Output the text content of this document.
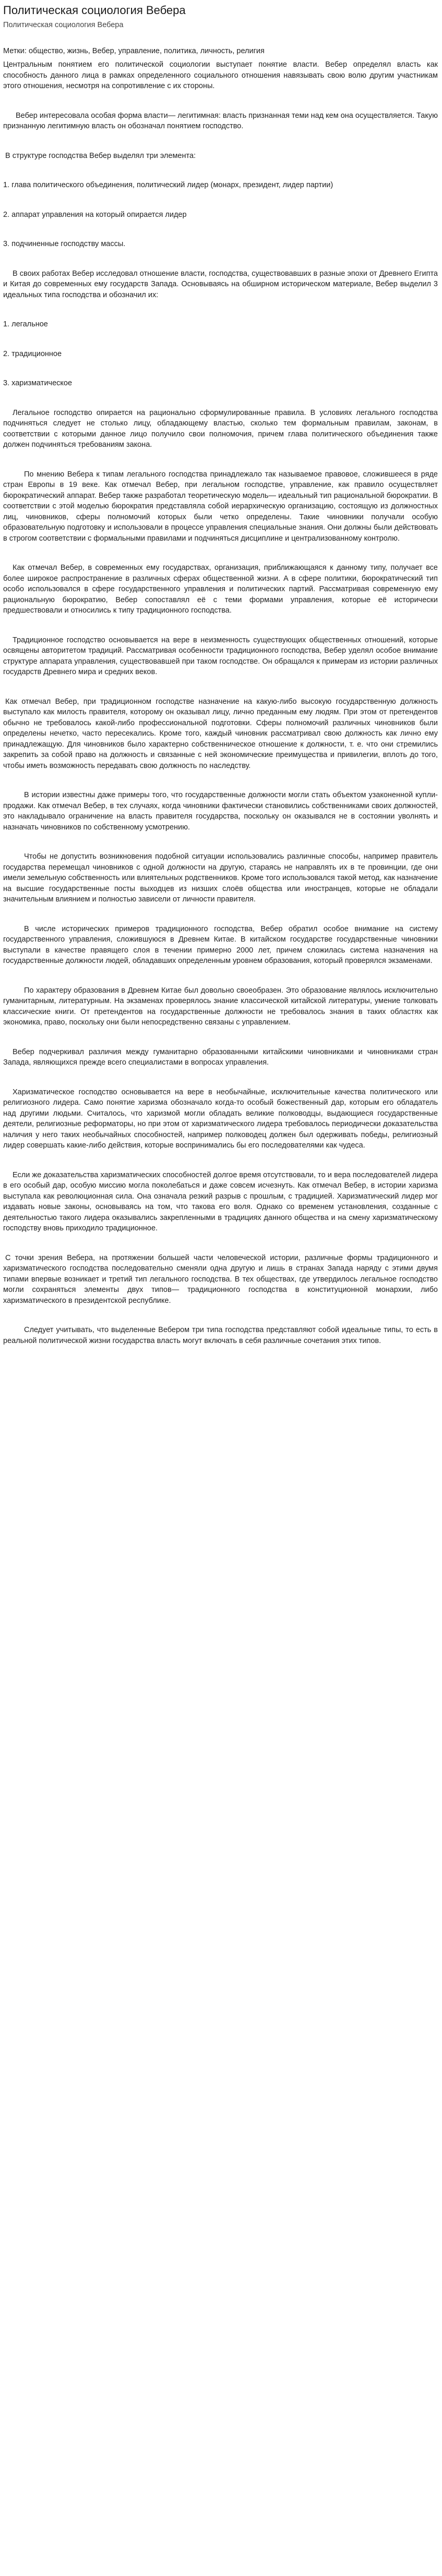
Политическая социология Вебера
Политическая социология Вебера
Метки: общество, жизнь, Вебер, управление, политика, личность, религия

Центральным понятием его политической социологии выступает понятие власти. Вебер определял власть как способность данного лица в рамках определенного социального отношения навязывать свою волю другим участникам этого отношения, несмотря на сопротивление с их стороны.

Вебер интересовала особая форма власти— легитимная: власть признанная теми над кем она осуществляется. Такую признанную легитимную власть он обозначал понятием господство.

В структуре господства Вебер выделял три элемента:

1. глава политического объединения, политический лидер (монарх, президент, лидер партии)

2. аппарат управления на который опирается лидер

3. подчиненные господству массы.

В своих работах Вебер исследовал отношение власти, господства, существовавших в разные эпохи от Древнего Египта и Китая до современных ему государств Запада. Основываясь на обширном историческом материале, Вебер выделил 3 идеальных типа господства и обозначил их:

1. легальное

2. традиционное

3. харизматическое

Легальное господство опирается на рационально сформулированные правила. В условиях легального господства подчиняться следует не столько лицу, обладающему властью, сколько тем формальным правилам, законам, в соответствии с которыми данное лицо получило свои полномочия, причем глава политического объединения также должен подчиняться требованиям закона.

По мнению Вебера к типам легального господства принадлежало так называемое правовое, сложившееся в ряде стран Европы в 19 веке. Как отмечал Вебер, при легальном господстве, управление, как правило осуществляет бюрократический аппарат. Вебер также разработал теоретическую модель— идеальный тип рациональной бюрократии. В соответствии с этой моделью бюрократия представляла собой иерархическую организацию, состоящую из должностных лиц, чиновников, сферы полномочий которых были четко определены. Такие чиновники получали особую образовательную подготовку и использовали в процессе управления специальные знания. Они должны были действовать в строгом соответствии с формальными правилами и подчиняться дисциплине и централизованному контролю.

Как отмечал Вебер, в современных ему государствах, организация, приближающаяся к данному типу, получает все более широкое распространение в различных сферах общественной жизни. А в сфере политики, бюрократический тип особо использовался в сфере государственного управления и политических партий. Рассматривая современную ему рациональную бюрократию, Вебер сопоставлял её с теми формами управления, которые её исторически предшествовали и относились к типу традиционного господства.

Традиционное господство основывается на вере в неизменность существующих общественных отношений, которые освящены авторитетом традиций. Рассматривая особенности традиционного господства, Вебер уделял особое внимание структуре аппарата управления, существовавшей при таком господстве. Он обращался к примерам из истории различных государств Древнего мира и средних веков.

Как отмечал Вебер, при традиционном господстве назначение на какую-либо высокую государственную должность выступало как милость правителя, которому он оказывал лицу, лично преданным ему людям. При этом от претендентов обычно не требовалось какой-либо профессиональной подготовки. Сферы полномочий различных чиновников были определены нечетко, часто пересекались. Кроме того, каждый чиновник рассматривал свою должность как лично ему принадлежащую. Для чиновников было характерно собственническое отношение к должности, т. е. что они стремились закрепить за собой право на должность и связанные с ней экономические преимущества и привилегии, вплоть до того, чтобы иметь возможность передавать свою должность по наследству.

В истории известны даже примеры того, что государственные должности могли стать объектом узаконенной купли-продажи. Как отмечал Вебер, в тех случаях, когда чиновники фактически становились собственниками своих должностей, это накладывало ограничение на власть правителя государства, поскольку он оказывался не в состоянии уволнять и назначать чиновников по собственному усмотрению.

Чтобы не допустить возникновения подобной ситуации использовались различные способы, например правитель государства перемещал чиновников с одной должности на другую, стараясь не направлять их в те провинции, где они имели земельную собственность или влиятельных родственников. Кроме того использовался такой метод, как назначение на высшие государственные посты выходцев из низших слоёв общества или иностранцев, которые не обладали значительным влиянием и полностью зависели от личности правителя.

В числе исторических примеров традиционного господства, Вебер обратил особое внимание на систему государственного управления, сложившуюся в Древнем Китае. В китайском государстве государственные чиновники выступали в качестве правящего слоя в течении примерно 2000 лет, причем сложилась система назначения на государственные должности людей, обладавших определенным уровнем образования, который проверялся экзаменами.

По характеру образования в Древнем Китае был довольно своеобразен. Это образование являлось исключительно гуманитарным, литературным. На экзаменах проверялось знание классической китайской литературы, умение толковать классические книги. От претендентов на государственные должности не требовалось знания в таких областях как экономика, право, поскольку они были непосредственно связаны с управлением.

Вебер подчеркивал различия между гуманитарно образованными китайскими чиновниками и чиновниками стран Запада, являющихся прежде всего специалистами в вопросах управления.

Харизматическое господство основывается на вере в необычайные, исключительные качества политического или религиозного лидера. Само понятие харизма обозначало когда-то особый божественный дар, которым его обладатель над другими людьми. Считалось, что харизмой могли обладать великие полководцы, выдающиеся государственные деятели, религиозные реформаторы, но при этом от харизматического лидера требовалось периодически доказательства наличия у него таких необычайных способностей, например полководец должен был одерживать победы, религиозный лидер совершать какие-либо действия, которые воспринимались бы его последователями как чудеса.

Если же доказательства харизматических способностей долгое время отсутствовали, то и вера последователей лидера в его особый дар, особую миссию могла поколебаться и даже совсем исчезнуть. Как отмечал Вебер, в истории харизма выступала как революционная сила. Она означала резкий разрыв с прошлым, с традицией. Харизматический лидер мог издавать новые законы, основываясь на том, что такова его воля. Однако со временем установления, созданные с деятельностью такого лидера оказывались закрепленными в традициях данного общества и на смену харизматическому господству вновь приходило традиционное.

С точки зрения Вебера, на протяжении большей части человеческой истории, различные формы традиционного и харизматического господства последовательно сменяли одна другую и лишь в странах Запада наряду с этими двумя типами впервые возникает и третий тип легального господства. В тех обществах, где утвердилось легальное господство могли сохраняться элементы двух типов— традиционного господства в конституционной монархии, либо харизматического в президентской республике.

Следует учитывать, что выделенные Вебером три типа господства представляют собой идеальные типы, то есть в реальной политической жизни государства власть могут включать в себя различные сочетания этих типов.
